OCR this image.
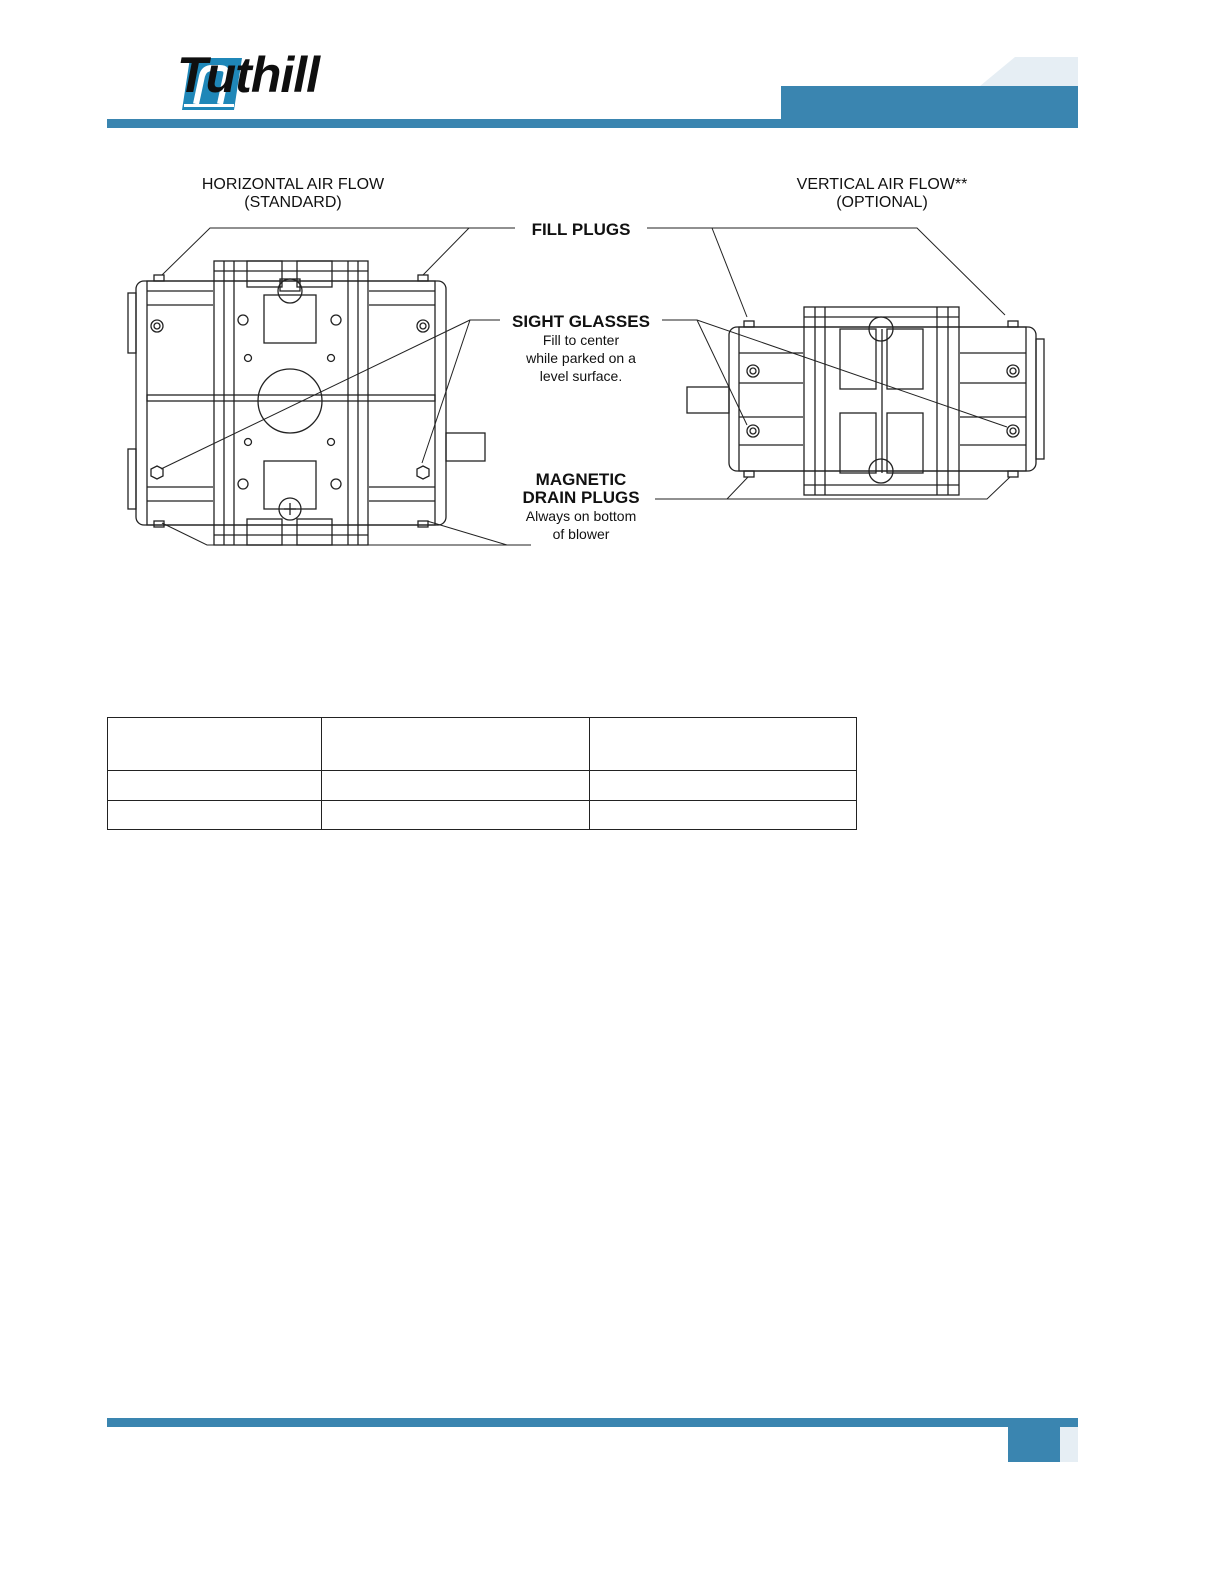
Tuthill
HORIZONTAL AIR FLOW
(STANDARD)
VERTICAL AIR FLOW**
(OPTIONAL)
FILL PLUGS
SIGHT GLASSES
Fill to center
while parked on a
level surface.
MAGNETIC
DRAIN PLUGS
Always on bottom
of blower
